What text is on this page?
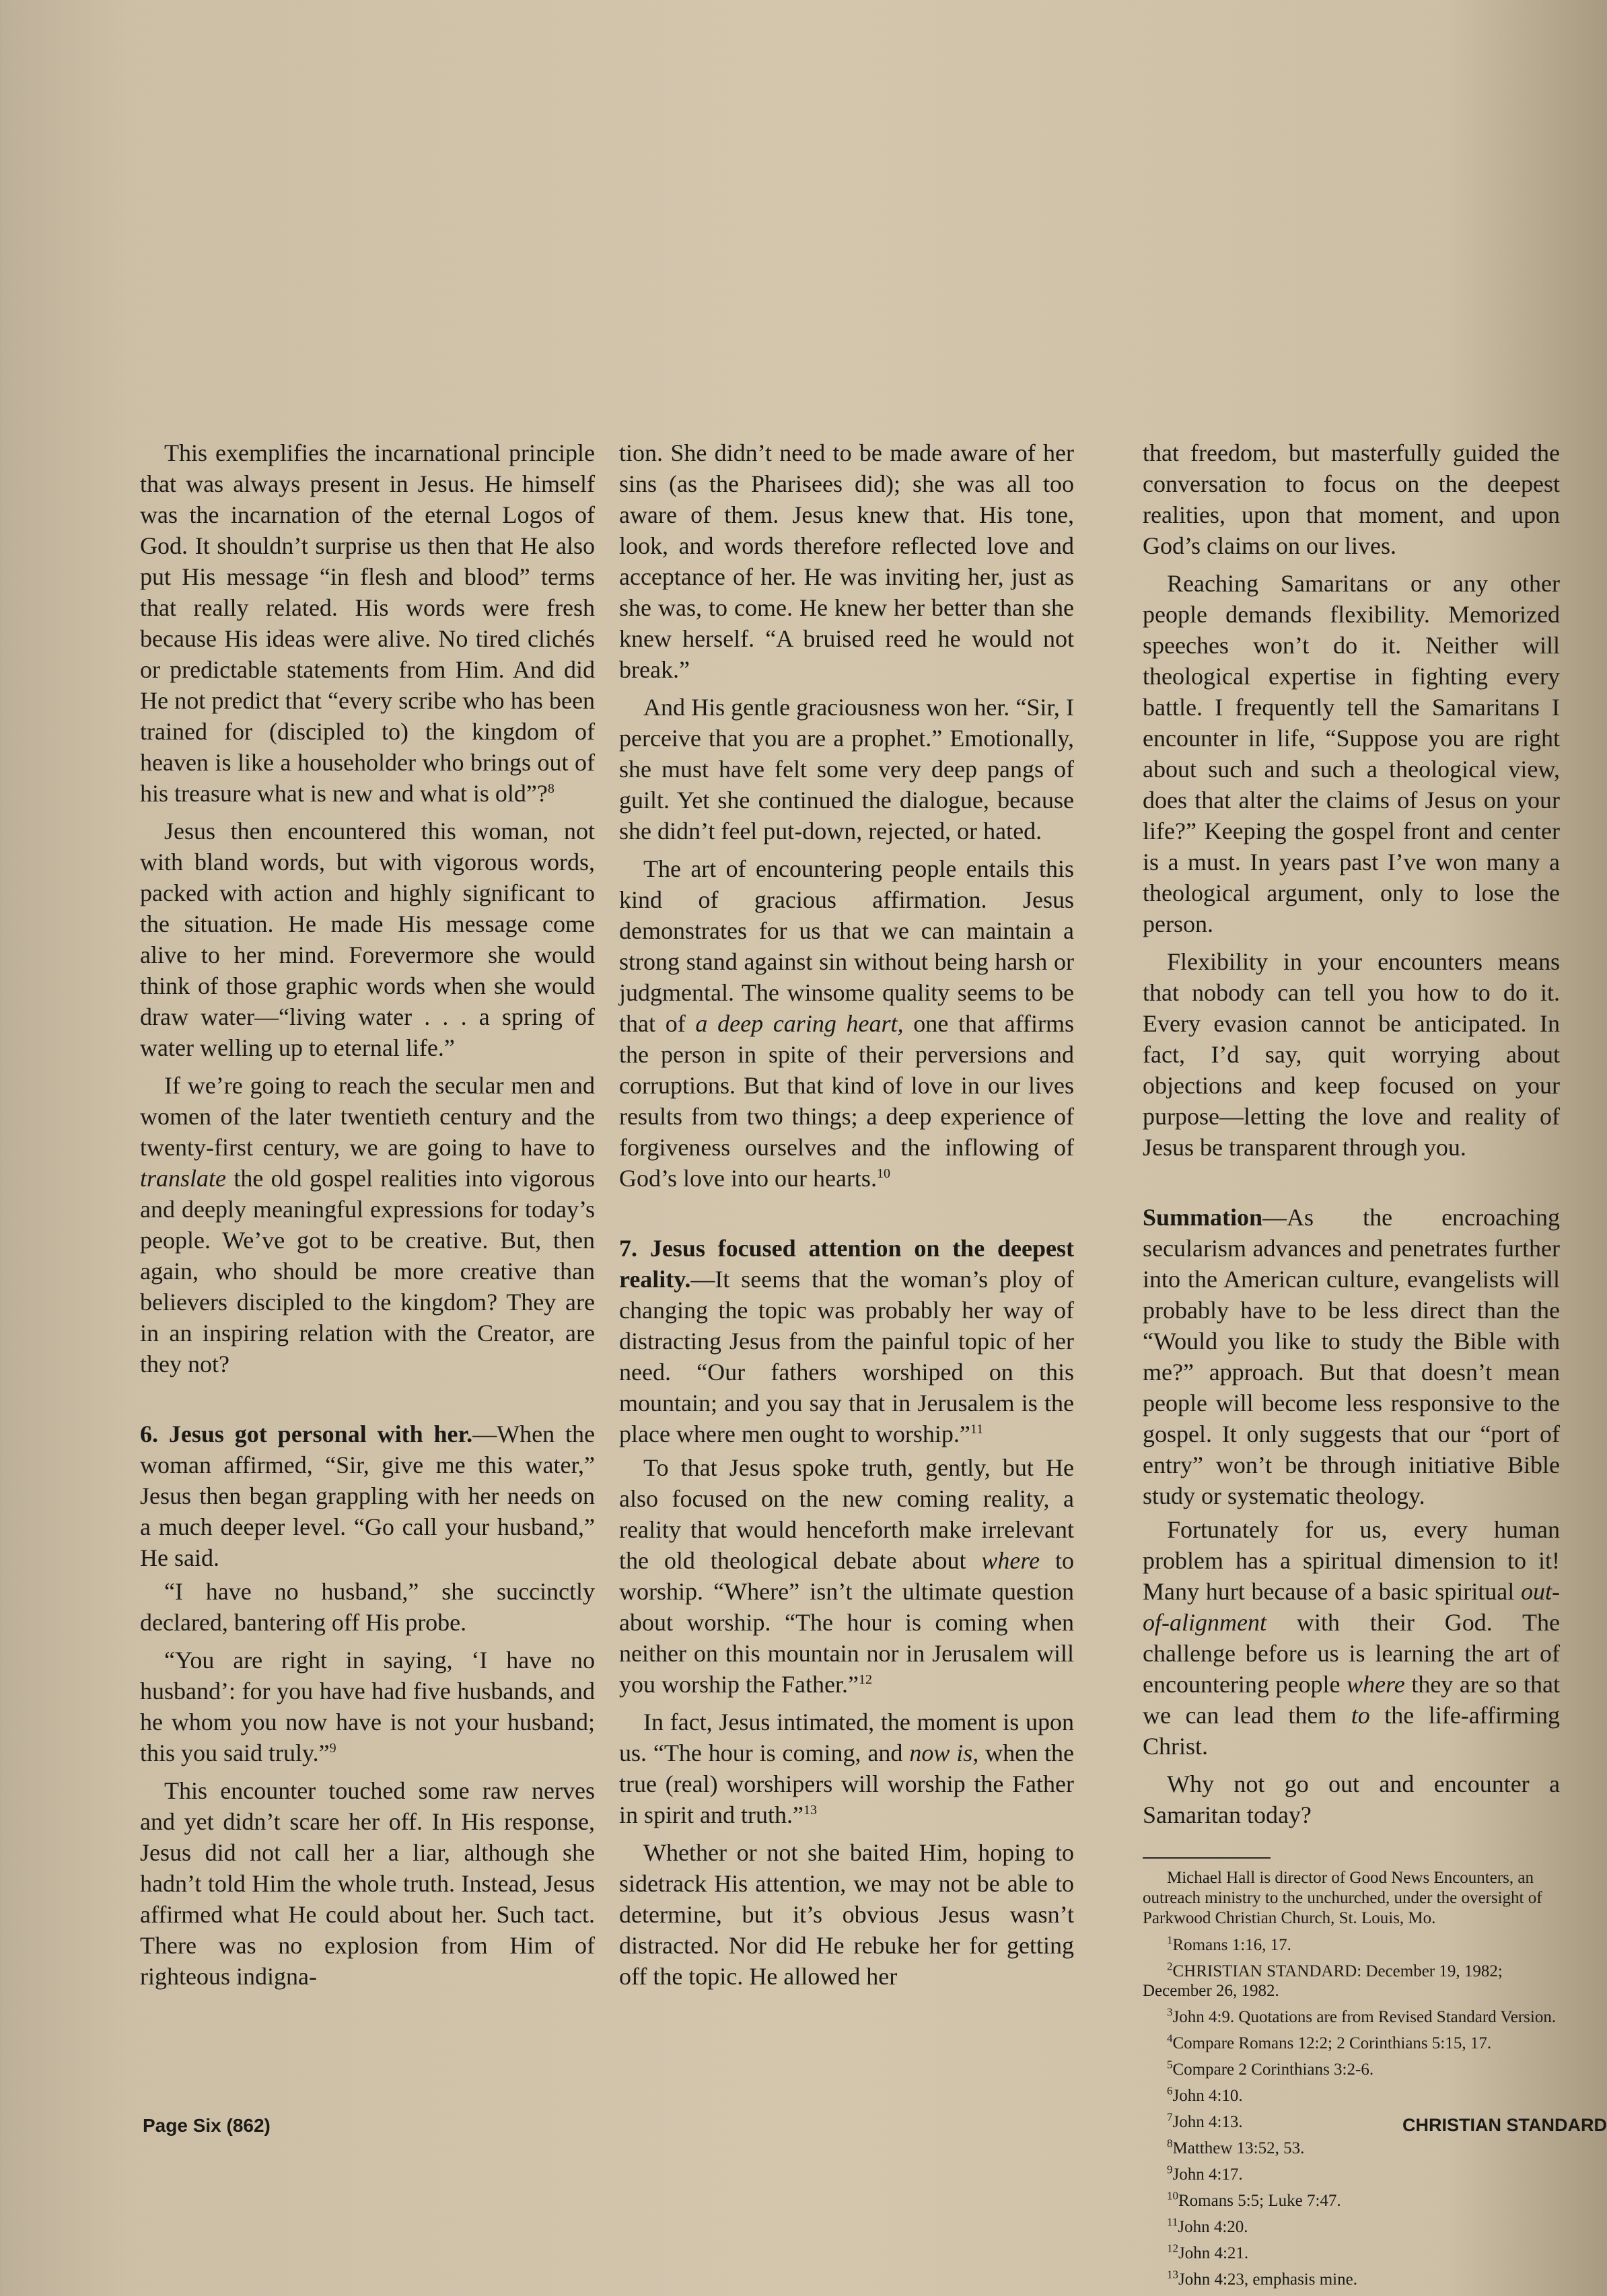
This exemplifies the incarnational principle that was always present in Jesus. He himself was the incarnation of the eternal Logos of God. It shouldn’t surprise us then that He also put His message “in flesh and blood” terms that really related. His words were fresh because His ideas were alive. No tired clichés or predictable statements from Him. And did He not predict that “every scribe who has been trained for (discipled to) the kingdom of heaven is like a householder who brings out of his treasure what is new and what is old”?$^8$

Jesus then encountered this woman, not with bland words, but with vigorous words, packed with action and highly significant to the situation. He made His message come alive to her mind. Forevermore she would think of those graphic words when she would draw water—“living water . . . a spring of water welling up to eternal life.”

If we’re going to reach the secular men and women of the later twentieth century and the twenty-first century, we are going to have to translate the old gospel realities into vigorous and deeply meaningful expressions for today’s people. We’ve got to be creative. But, then again, who should be more creative than believers discipled to the kingdom? They are in an inspiring relation with the Creator, are they not?

6. Jesus got personal with her.—When the woman affirmed, “Sir, give me this water,” Jesus then began grappling with her needs on a much deeper level. “Go call your husband,” He said.

“I have no husband,” she succinctly declared, bantering off His probe.

“You are right in saying, ‘I have no husband’: for you have had five husbands, and he whom you now have is not your husband; this you said truly.”$^9$

This encounter touched some raw nerves and yet didn’t scare her off. In His response, Jesus did not call her a liar, although she hadn’t told Him the whole truth. Instead, Jesus affirmed what He could about her. Such tact. There was no explosion from Him of righteous indigna-

tion. She didn’t need to be made aware of her sins (as the Pharisees did); she was all too aware of them. Jesus knew that. His tone, look, and words therefore reflected love and acceptance of her. He was inviting her, just as she was, to come. He knew her better than she knew herself. “A bruised reed he would not break.”

And His gentle graciousness won her. “Sir, I perceive that you are a prophet.” Emotionally, she must have felt some very deep pangs of guilt. Yet she continued the dialogue, because she didn’t feel put-down, rejected, or hated.

The art of encountering people entails this kind of gracious affirmation. Jesus demonstrates for us that we can maintain a strong stand against sin without being harsh or judgmental. The winsome quality seems to be that of a deep caring heart, one that affirms the person in spite of their perversions and corruptions. But that kind of love in our lives results from two things; a deep experience of forgiveness ourselves and the inflowing of God’s love into our hearts.$^{10}$

7. Jesus focused attention on the deepest reality.—It seems that the woman’s ploy of changing the topic was probably her way of distracting Jesus from the painful topic of her need. “Our fathers worshiped on this mountain; and you say that in Jerusalem is the place where men ought to worship.”$^{11}$

To that Jesus spoke truth, gently, but He also focused on the new coming reality, a reality that would henceforth make irrelevant the old theological debate about where to worship. “Where” isn’t the ultimate question about worship. “The hour is coming when neither on this mountain nor in Jerusalem will you worship the Father.”$^{12}$

In fact, Jesus intimated, the moment is upon us. “The hour is coming, and now is, when the true (real) worshipers will worship the Father in spirit and truth.”$^{13}$

Whether or not she baited Him, hoping to sidetrack His attention, we may not be able to determine, but it’s obvious Jesus wasn’t distracted. Nor did He rebuke her for getting off the topic. He allowed her

that freedom, but masterfully guided the conversation to focus on the deepest realities, upon that moment, and upon God’s claims on our lives.

Reaching Samaritans or any other people demands flexibility. Memorized speeches won’t do it. Neither will theological expertise in fighting every battle. I frequently tell the Samaritans I encounter in life, “Suppose you are right about such and such a theological view, does that alter the claims of Jesus on your life?” Keeping the gospel front and center is a must. In years past I’ve won many a theological argument, only to lose the person.

Flexibility in your encounters means that nobody can tell you how to do it. Every evasion cannot be anticipated. In fact, I’d say, quit worrying about objections and keep focused on your purpose—letting the love and reality of Jesus be transparent through you.

Summation—As the encroaching secularism advances and penetrates further into the American culture, evangelists will probably have to be less direct than the “Would you like to study the Bible with me?” approach. But that doesn’t mean people will become less responsive to the gospel. It only suggests that our “port of entry” won’t be through initiative Bible study or systematic theology.

Fortunately for us, every human problem has a spiritual dimension to it! Many hurt because of a basic spiritual out-of-alignment with their God. The challenge before us is learning the art of encountering people where they are so that we can lead them to the life-affirming Christ.

Why not go out and encounter a Samaritan today?

Michael Hall is director of Good News Encounters, an outreach ministry to the unchurched, under the oversight of Parkwood Christian Church, St. Louis, Mo.

$^1$Romans 1:16, 17.

$^2$CHRISTIAN STANDARD: December 19, 1982; December 26, 1982.

$^3$John 4:9. Quotations are from Revised Standard Version.

$^4$Compare Romans 12:2; 2 Corinthians 5:15, 17.

$^5$Compare 2 Corinthians 3:2-6.

$^6$John 4:10.

$^7$John 4:13.

$^8$Matthew 13:52, 53.

$^9$John 4:17.

$^{10}$Romans 5:5; Luke 7:47.

$^{11}$John 4:20.

$^{12}$John 4:21.

$^{13}$John 4:23, emphasis mine.

Page Six (862)	CHRISTIAN STANDARD
